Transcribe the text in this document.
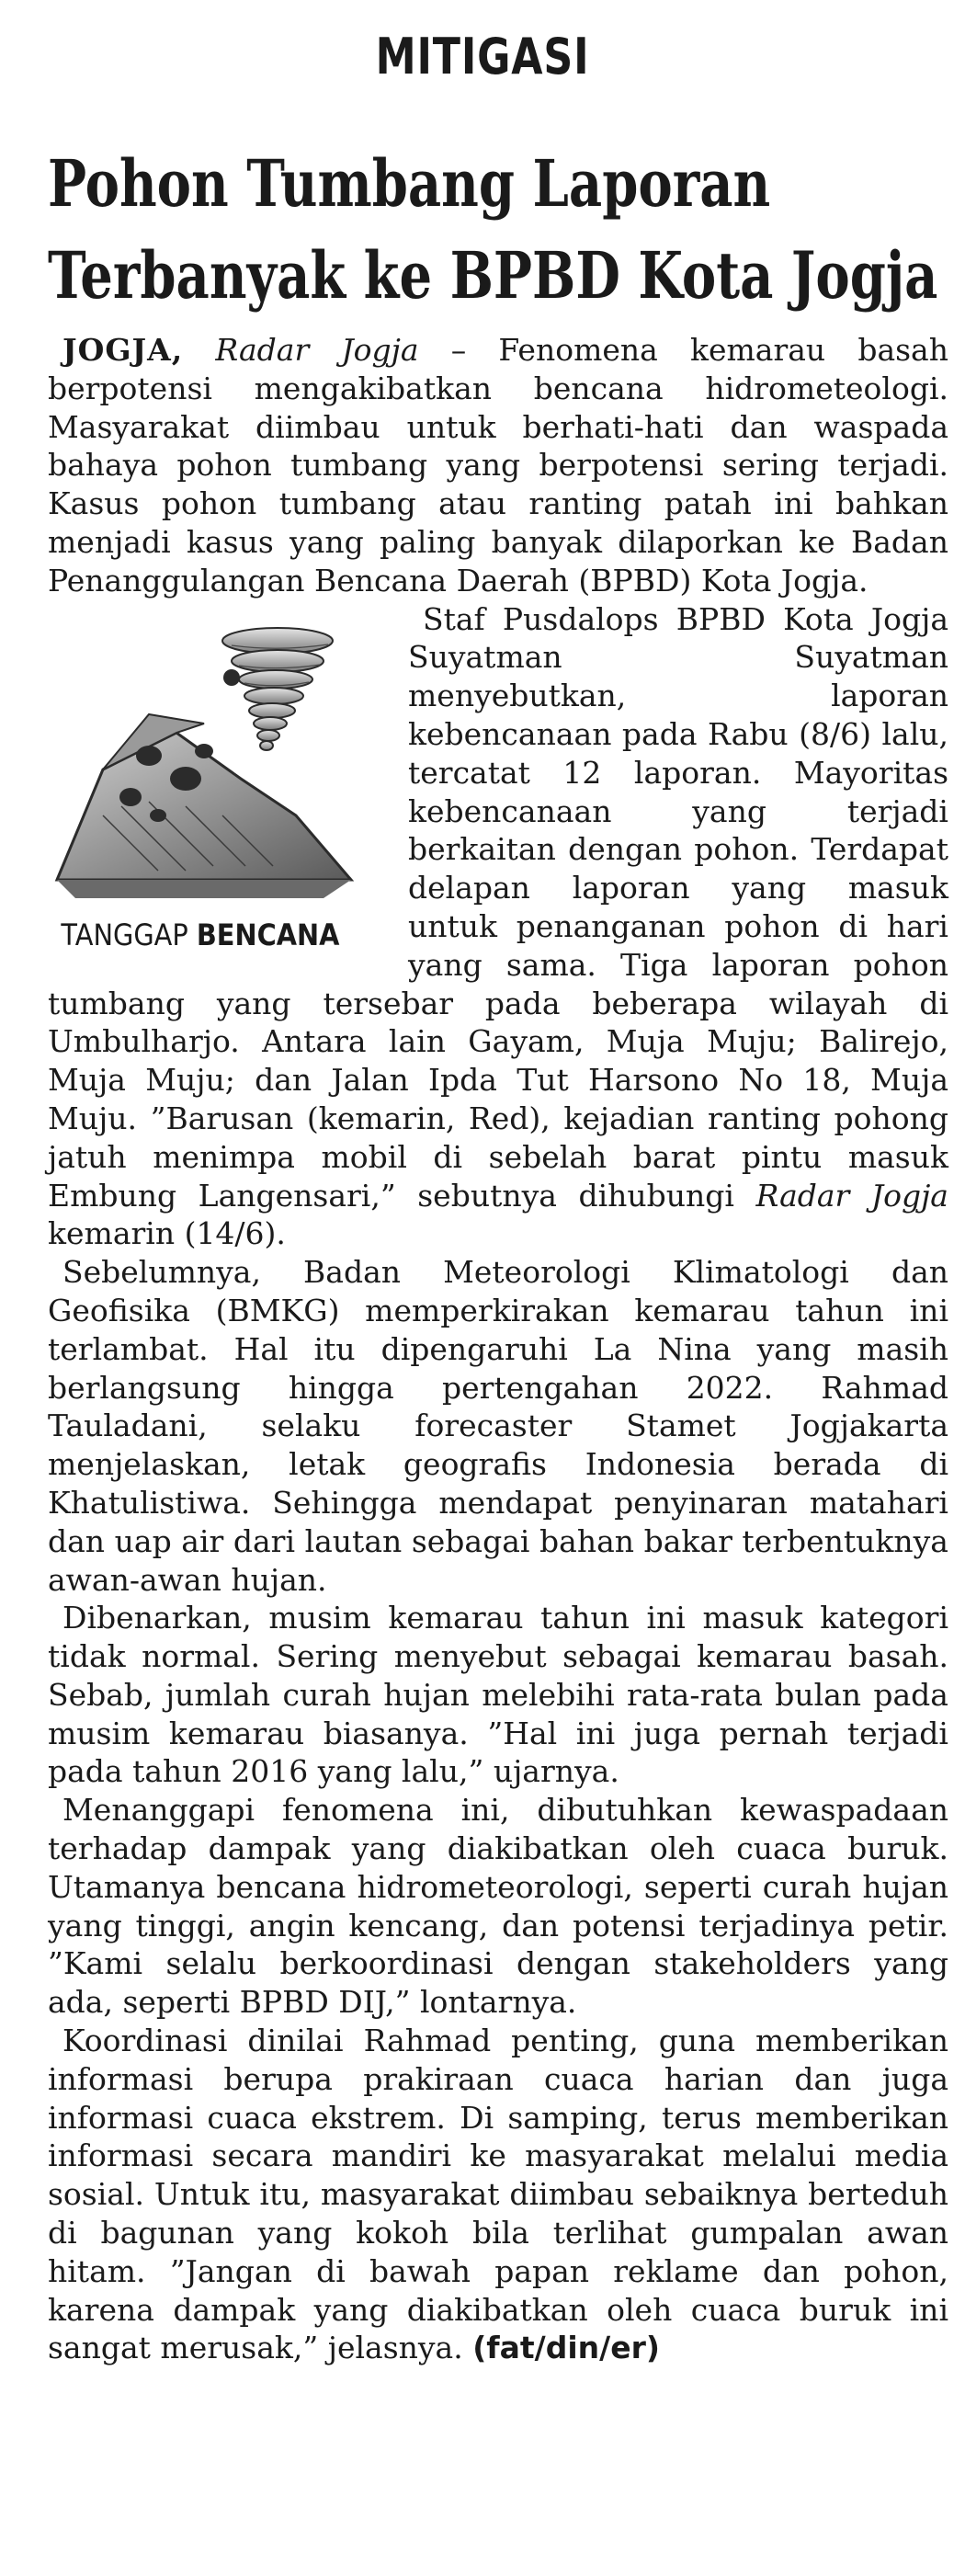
MITIGASI
Pohon Tumbang Laporan
Terbanyak ke BPBD Kota Jogja

JOGJA, Radar Jogja – Fenomena kemarau basah berpotensi mengakibatkan bencana hidrometeologi. Masyarakat diimbau untuk berhati-hati dan waspada bahaya pohon tumbang yang berpotensi sering terjadi. Kasus pohon tumbang atau ranting patah ini bahkan menjadi kasus yang paling banyak dilaporkan ke Badan Penanggulangan Bencana Daerah (BPBD) Kota Jogja.

TANGGAP BENCANA
Staf Pusdalops BPBD Kota Jogja Suyatman Suyatman menyebutkan, laporan kebencanaan pada Rabu (8/6) lalu, tercatat 12 laporan. Mayoritas kebencanaan yang terjadi berkaitan dengan pohon. Terdapat delapan laporan yang masuk untuk penanganan pohon di hari yang sama. Tiga laporan pohon tumbang yang tersebar pada beberapa wilayah di Umbulharjo. Antara lain Gayam, Muja Muju; Balirejo, Muja Muju; dan Jalan Ipda Tut Harsono No 18, Muja Muju. ”Barusan (kemarin, Red), kejadian ranting pohong jatuh menimpa mobil di sebelah barat pintu masuk Embung Langensari,” sebutnya dihubungi Radar Jogja kemarin (14/6).

Sebelumnya, Badan Meteorologi Klimatologi dan Geofisika (BMKG) memperkirakan kemarau tahun ini terlambat. Hal itu dipengaruhi La Nina yang masih berlangsung hingga pertengahan 2022. Rahmad Tauladani, selaku forecaster Stamet Jogjakarta menjelaskan, letak geografis Indonesia berada di Khatulistiwa. Sehingga mendapat penyinaran matahari dan uap air dari lautan sebagai bahan bakar terbentuknya awan-awan hujan.

Dibenarkan, musim kemarau tahun ini masuk kategori tidak normal. Sering menyebut sebagai kemarau basah. Sebab, jumlah curah hujan melebihi rata-rata bulan pada musim kemarau biasanya. ”Hal ini juga pernah terjadi pada tahun 2016 yang lalu,” ujarnya.

Menanggapi fenomena ini, dibutuhkan kewaspadaan terhadap dampak yang diakibatkan oleh cuaca buruk. Utamanya bencana hidrometeorologi, seperti curah hujan yang tinggi, angin kencang, dan potensi terjadinya petir. ”Kami selalu berkoordinasi dengan stakeholders yang ada, seperti BPBD DIJ,” lontarnya.

Koordinasi dinilai Rahmad penting, guna memberikan informasi berupa prakiraan cuaca harian dan juga informasi cuaca ekstrem. Di samping, terus memberikan informasi secara mandiri ke masyarakat melalui media sosial. Untuk itu, masyarakat diimbau sebaiknya berteduh di bagunan yang kokoh bila terlihat gumpalan awan hitam. ”Jangan di bawah papan reklame dan pohon, karena dampak yang diakibatkan oleh cuaca buruk ini sangat merusak,” jelasnya. (fat/din/er)
